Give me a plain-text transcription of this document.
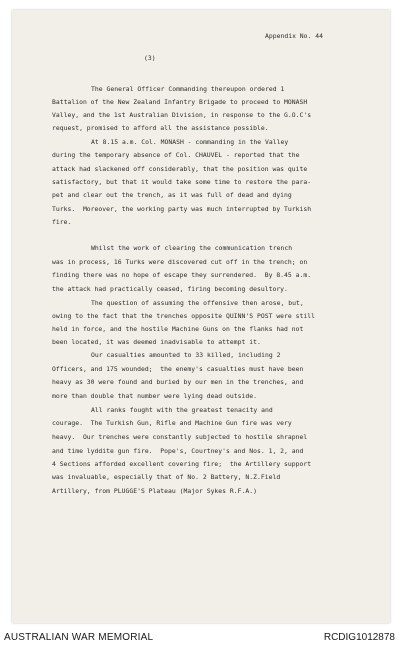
Appendix No. 44
(3)
The General Officer Commanding thereupon ordered 1
Battalion of the New Zealand Infantry Brigade to proceed to MONASH
Valley, and the 1st Australian Division, in response to the G.O.C's
request, promised to afford all the assistance possible.
At 8.15 a.m. Col. MONASH - commanding in the Valley
during the temporary absence of Col. CHAUVEL - reported that the
attack had slackened off considerably, that the position was quite
satisfactory, but that it would take some time to restore the para-
pet and clear out the trench, as it was full of dead and dying
Turks.  Moreover, the working party was much interrupted by Turkish
fire.
Whilst the work of clearing the communication trench
was in process, 16 Turks were discovered cut off in the trench; on
finding there was no hope of escape they surrendered.  By 8.45 a.m.
the attack had practically ceased, firing becoming desultory.
The question of assuming the offensive then arose, but,
owing to the fact that the trenches opposite QUINN'S POST were still
held in force, and the hostile Machine Guns on the flanks had not
been located, it was deemed inadvisable to attempt it.
Our casualties amounted to 33 killed, including 2
Officers, and 175 wounded;  the enemy's casualties must have been
heavy as 30 were found and buried by our men in the trenches, and
more than double that number were lying dead outside.
All ranks fought with the greatest tenacity and
courage.  The Turkish Gun, Rifle and Machine Gun fire was very
heavy.  Our trenches were constantly subjected to hostile shrapnel
and time lyddite gun fire.  Pope's, Courtney's and Nos. 1, 2, and
4 Sections afforded excellent covering fire;  the Artillery support
was invaluable, especially that of No. 2 Battery, N.Z.Field
Artillery, from PLUGGE'S Plateau (Major Sykes R.F.A.)
AUSTRALIAN WAR MEMORIAL	RCDIG1012878
